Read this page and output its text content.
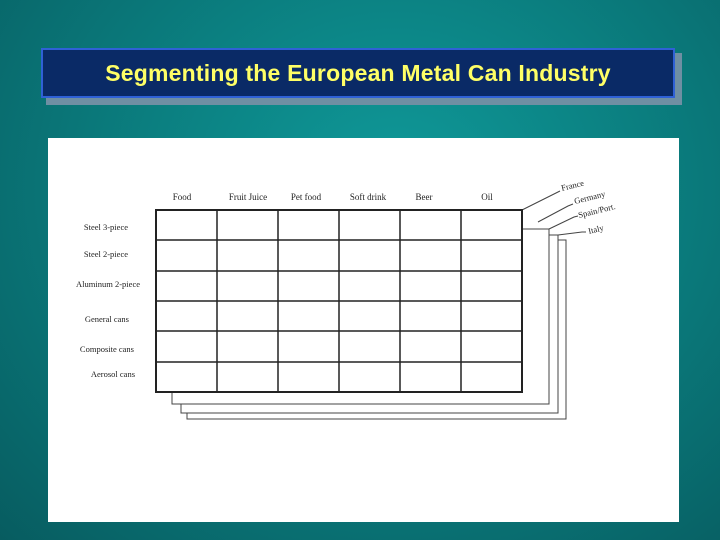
Segmenting the European Metal Can Industry
Food	Fruit Juice	Pet food	Soft drink	Beer	Oil
Steel 3-piece
Steel 2-piece
Aluminum 2-piece
General cans
Composite cans
Aerosol cans
France
Germany
Spain/Port.
Italy
